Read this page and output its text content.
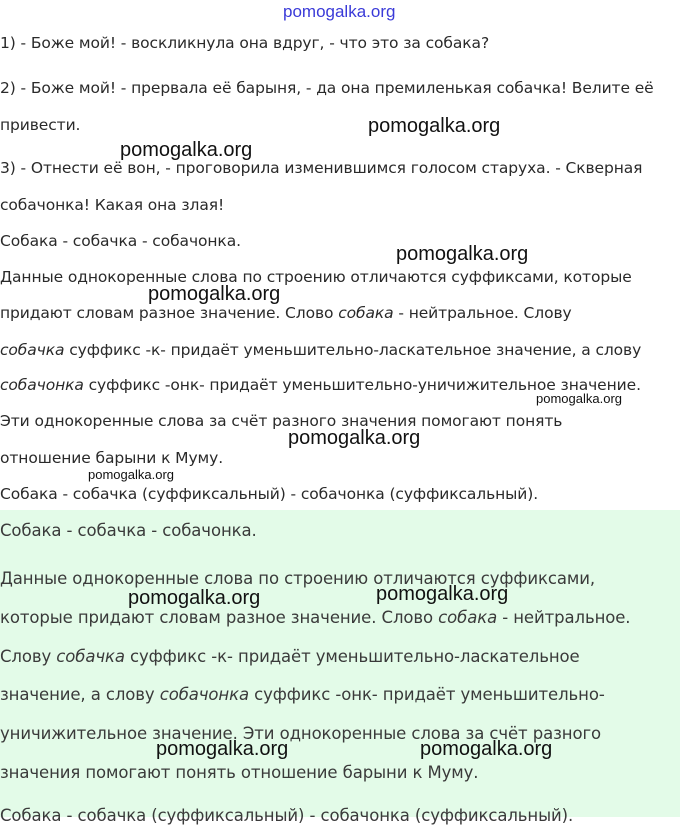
pomogalka.org
1) - Боже мой! - воскликнула она вдруг, - что это за собака?
2) - Боже мой! - прервала её барыня, - да она премиленькая собачка! Велите её
привести.
3) - Отнести её вон, - проговорила изменившимся голосом старуха. - Скверная
собачонка! Какая она злая!
Собака - собачка - собачонка.
Данные однокоренные слова по строению отличаются суффиксами, которые
придают словам разное значение. Слово собака - нейтральное. Слову
собачка суффикс -к- придаёт уменьшительно-ласкательное значение, а слову
собачонка суффикс -онк- придаёт уменьшительно-уничижительное значение.
Эти однокоренные слова за счёт разного значения помогают понять
отношение барыни к Муму.
Собака - собачка (суффиксальный) - собачонка (суффиксальный).
Собака - собачка - собачонка.
Данные однокоренные слова по строению отличаются суффиксами,
которые придают словам разное значение. Слово собака - нейтральное.
Слову собачка суффикс -к- придаёт уменьшительно-ласкательное
значение, а слову собачонка суффикс -онк- придаёт уменьшительно-
уничижительное значение. Эти однокоренные слова за счёт разного
значения помогают понять отношение барыни к Муму.
Собака - собачка (суффиксальный) - собачонка (суффиксальный).
pomogalka.org
pomogalka.org
pomogalka.org
pomogalka.org
pomogalka.org
pomogalka.org
pomogalka.org
pomogalka.org	pomogalka.org
pomogalka.org	pomogalka.org
